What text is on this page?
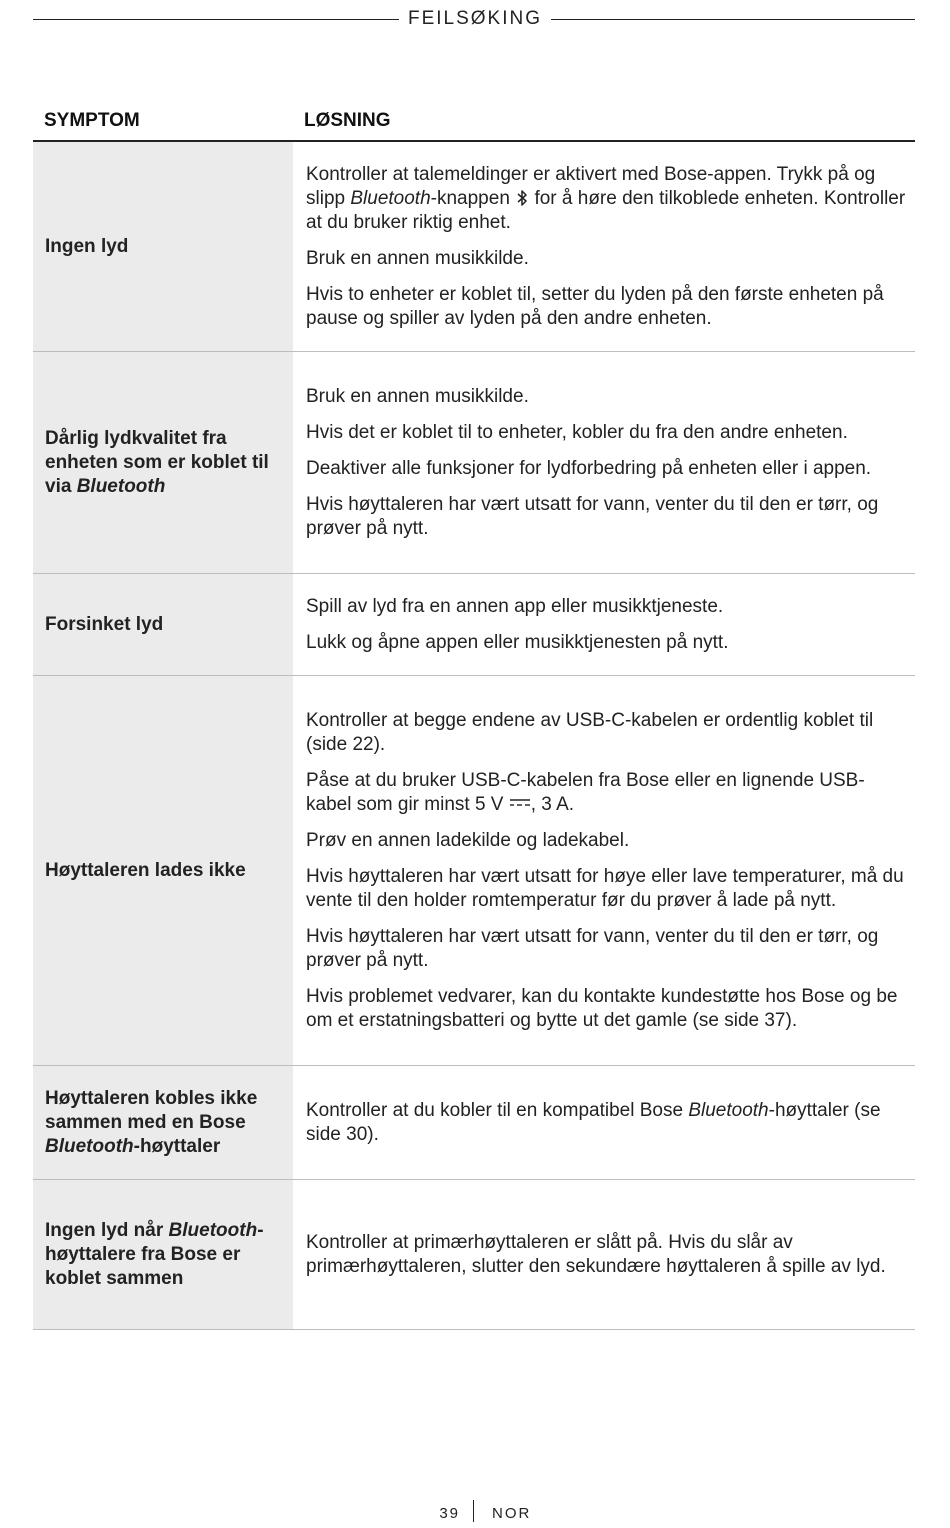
FEILSØKING
SYMPTOM	LØSNING
Ingen lyd

Kontroller at talemeldinger er aktivert med Bose-appen. Trykk på og slipp Bluetooth-knappen  for å høre den tilkoblede enheten. Kontroller at du bruker riktig enhet.

Bruk en annen musikkilde.

Hvis to enheter er koblet til, setter du lyden på den første enheten på pause og spiller av lyden på den andre enheten.

Dårlig lydkvalitet fra enheten som er koblet til via Bluetooth

Bruk en annen musikkilde.

Hvis det er koblet til to enheter, kobler du fra den andre enheten.

Deaktiver alle funksjoner for lydforbedring på enheten eller i appen.

Hvis høyttaleren har vært utsatt for vann, venter du til den er tørr, og prøver på nytt.

Forsinket lyd

Spill av lyd fra en annen app eller musikktjeneste.

Lukk og åpne appen eller musikktjenesten på nytt.

Høyttaleren lades ikke

Kontroller at begge endene av USB-C-kabelen er ordentlig koblet til (side 22).

Påse at du bruker USB-C-kabelen fra Bose eller en lignende USB-kabel som gir minst 5 V , 3 A.

Prøv en annen ladekilde og ladekabel.

Hvis høyttaleren har vært utsatt for høye eller lave temperaturer, må du vente til den holder romtemperatur før du prøver å lade på nytt.

Hvis høyttaleren har vært utsatt for vann, venter du til den er tørr, og prøver på nytt.

Hvis problemet vedvarer, kan du kontakte kundestøtte hos Bose og be om et erstatningsbatteri og bytte ut det gamle (se side 37).

Høyttaleren kobles ikke sammen med en Bose Bluetooth-høyttaler

Kontroller at du kobler til en kompatibel Bose Bluetooth-høyttaler (se side 30).

Ingen lyd når Bluetooth-høyttalere fra Bose er koblet sammen

Kontroller at primærhøyttaleren er slått på. Hvis du slår av primærhøyttaleren, slutter den sekundære høyttaleren å spille av lyd.

39 NOR
